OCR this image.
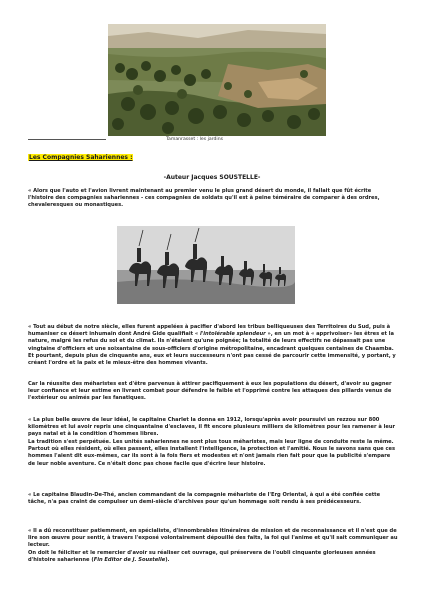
Tamanrasset : les jardins
Les Compagnies Sahariennes :
-Auteur Jacques SOUSTELLE-
« Alors que l'auto et l'avion livrent maintenant au premier venu le plus grand désert du monde, il fallait que fût écrite l'histoire des compagnies sahariennes - ces compagnies de soldats qu'il est à peine téméraire de comparer à des ordres, chevaleresques ou monastiques.
« Tout au début de notre siècle, elles furent appelées à pacifier d'abord les tribus belliqueuses des Territoires du Sud, puis à humaniser ce désert inhumain dont André Gide qualifiait « l'intolérable splendeur », en un mot à « apprivoiser» les êtres et la nature, malgré les refus du sol et du climat. Ils n'étaient qu'une poignée; la totalité de leurs effectifs ne dépassait pas une vingtaine d'officiers et une soixantaine de sous-officiers d'origine métropolitaine, encadrant quelques centaines de Chaamba. Et pourtant, depuis plus de cinquante ans, eux et leurs successeurs n'ont pas cessé de parcourir cette immensité, y portant, y créant l'ordre et la paix et le mieux-être des hommes vivants.
Car la réussite des méharistes est d'être parvenus à attirer pacifiquement à eux les populations du désert, d'avoir su gagner leur confiance et leur estime en livrant combat pour défendre le faible et l'opprimé contre les attaques des pillards venus de l'extérieur ou animés par les fanatiques.
« La plus belle œuvre de leur idéal, le capitaine Charlet la donna en 1912, lorsqu'après avoir poursuivi un rezzou sur 800 kilomètres et lui avoir repris une cinquantaine d'esclaves, il fit encore plusieurs milliers de kilomètres pour les ramener à leur pays natal et à la condition d'hommes libres.
La tradition s'est perpétuée. Les unités sahariennes ne sont plus tous méharistes, mais leur ligne de conduite reste la même. Partout où elles résident, où elles passent, elles installent l'intelligence, la protection et l'amitié. Nous le savons sans que ces hommes l'aient dit eux-mêmes, car ils sont à la fois fiers et modestes et n'ont jamais rien fait pour que la publicité s'empare de leur noble aventure. Ce n'était donc pas chose facile que d'écrire leur histoire.
« Le capitaine Blaudin-De-Thé, ancien commandant de la compagnie méhariste de l'Erg Oriental, à qui a été confiée cette tâche, n'a pas craint de compulser un demi-siècle d'archives pour qu'un hommage soit rendu à ses prédécesseurs.
« Il a dû reconstituer patiemment, en spécialiste, d'innombrables itinéraires de mission et de reconnaissance et il n'est que de lire son œuvre pour sentir, à travers l'exposé volontairement dépouillé des faits, la foi qui l'anime et qu'il sait communiquer au lecteur.
On doit le féliciter et le remercier d'avoir su réaliser cet ouvrage, qui préservera de l'oubli cinquante glorieuses années d'histoire saharienne (Fin Editor de J. Soustelle).
